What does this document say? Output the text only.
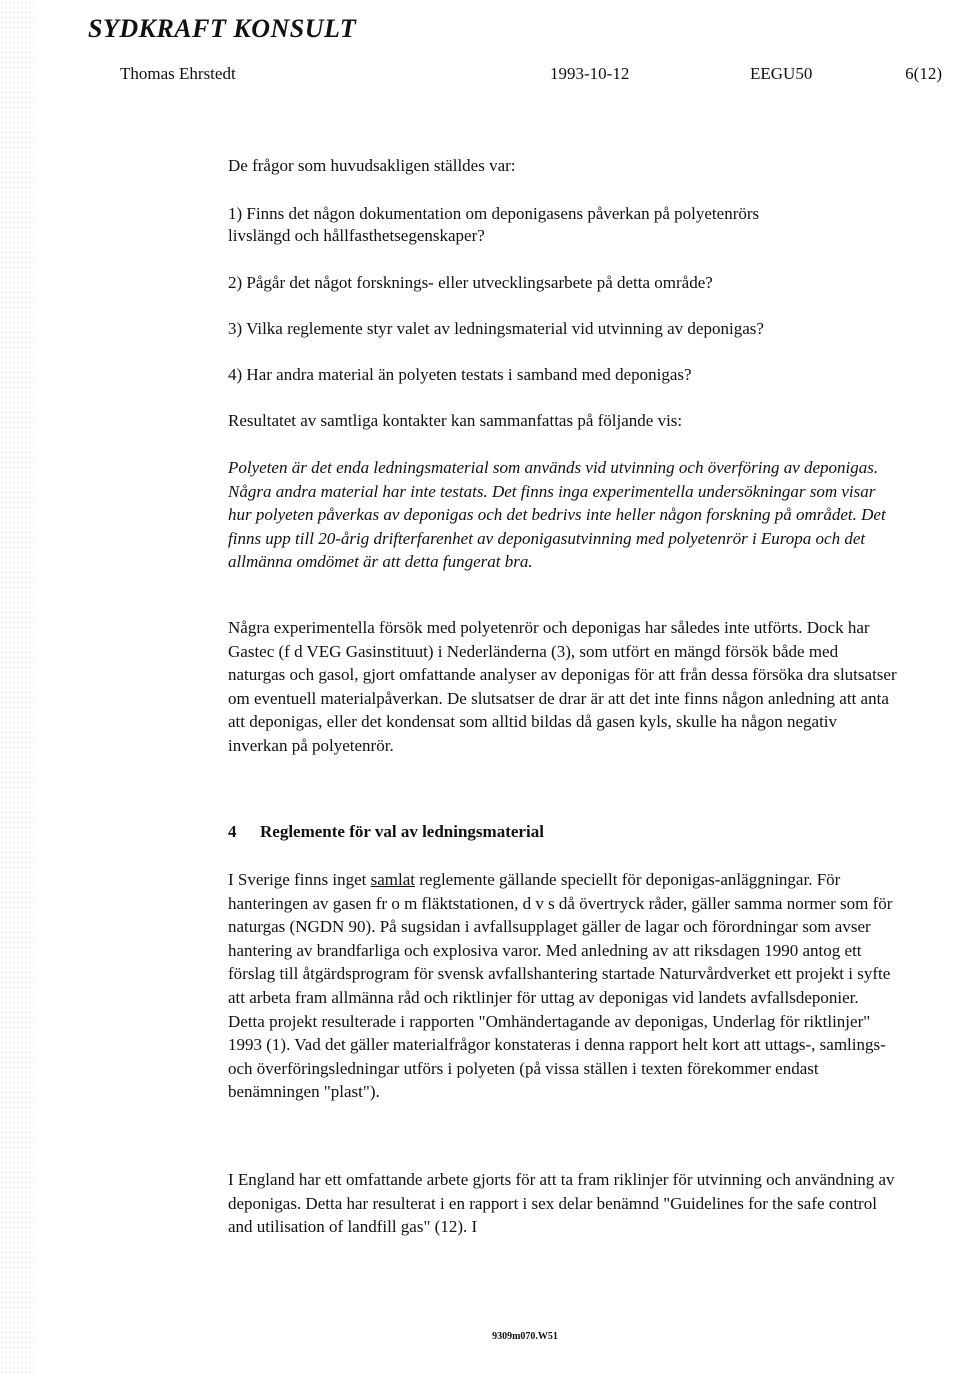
SYDKRAFT KONSULT
Thomas Ehrstedt	1993-10-12	EEGU50	6(12)
De frågor som huvudsakligen ställdes var:
1) Finns det någon dokumentation om deponigasens påverkan på polyetenrörs
livslängd och hållfasthetsegenskaper?
2) Pågår det något forsknings- eller utvecklingsarbete på detta område?
3) Vilka reglemente styr valet av ledningsmaterial vid utvinning av deponigas?
4) Har andra material än polyeten testats i samband med deponigas?
Resultatet av samtliga kontakter kan sammanfattas på följande vis:
Polyeten är det enda ledningsmaterial som används vid utvinning och överföring av deponigas. Några andra material har inte testats. Det finns inga experimentella undersökningar som visar hur polyeten påverkas av deponigas och det bedrivs inte heller någon forskning på området. Det finns upp till 20-årig drifterfarenhet av deponigasutvinning med polyetenrör i Europa och det allmänna omdömet är att detta fungerat bra.
Några experimentella försök med polyetenrör och deponigas har således inte utförts. Dock har Gastec (f d VEG Gasinstituut) i Nederländerna (3), som utfört en mängd försök både med naturgas och gasol, gjort omfattande analyser av deponigas för att från dessa försöka dra slutsatser om eventuell materialpåverkan. De slutsatser de drar är att det inte finns någon anledning att anta att deponigas, eller det kondensat som alltid bildas då gasen kyls, skulle ha någon negativ inverkan på polyetenrör.
4 Reglemente för val av ledningsmaterial
I Sverige finns inget samlat reglemente gällande speciellt för deponigas-anläggningar. För hanteringen av gasen fr o m fläktstationen, d v s då övertryck råder, gäller samma normer som för naturgas (NGDN 90). På sugsidan i avfallsupplaget gäller de lagar och förordningar som avser hantering av brandfarliga och explosiva varor. Med anledning av att riksdagen 1990 antog ett förslag till åtgärdsprogram för svensk avfallshantering startade Naturvårdverket ett projekt i syfte att arbeta fram allmänna råd och riktlinjer för uttag av deponigas vid landets avfallsdeponier. Detta projekt resulterade i rapporten "Omhändertagande av deponigas, Underlag för riktlinjer" 1993 (1). Vad det gäller materialfrågor konstateras i denna rapport helt kort att uttags-, samlings- och överföringsledningar utförs i polyeten (på vissa ställen i texten förekommer endast benämningen "plast").
I England har ett omfattande arbete gjorts för att ta fram riklinjer för utvinning och användning av deponigas. Detta har resulterat i en rapport i sex delar benämnd "Guidelines for the safe control and utilisation of landfill gas" (12). I
9309m070.W51
